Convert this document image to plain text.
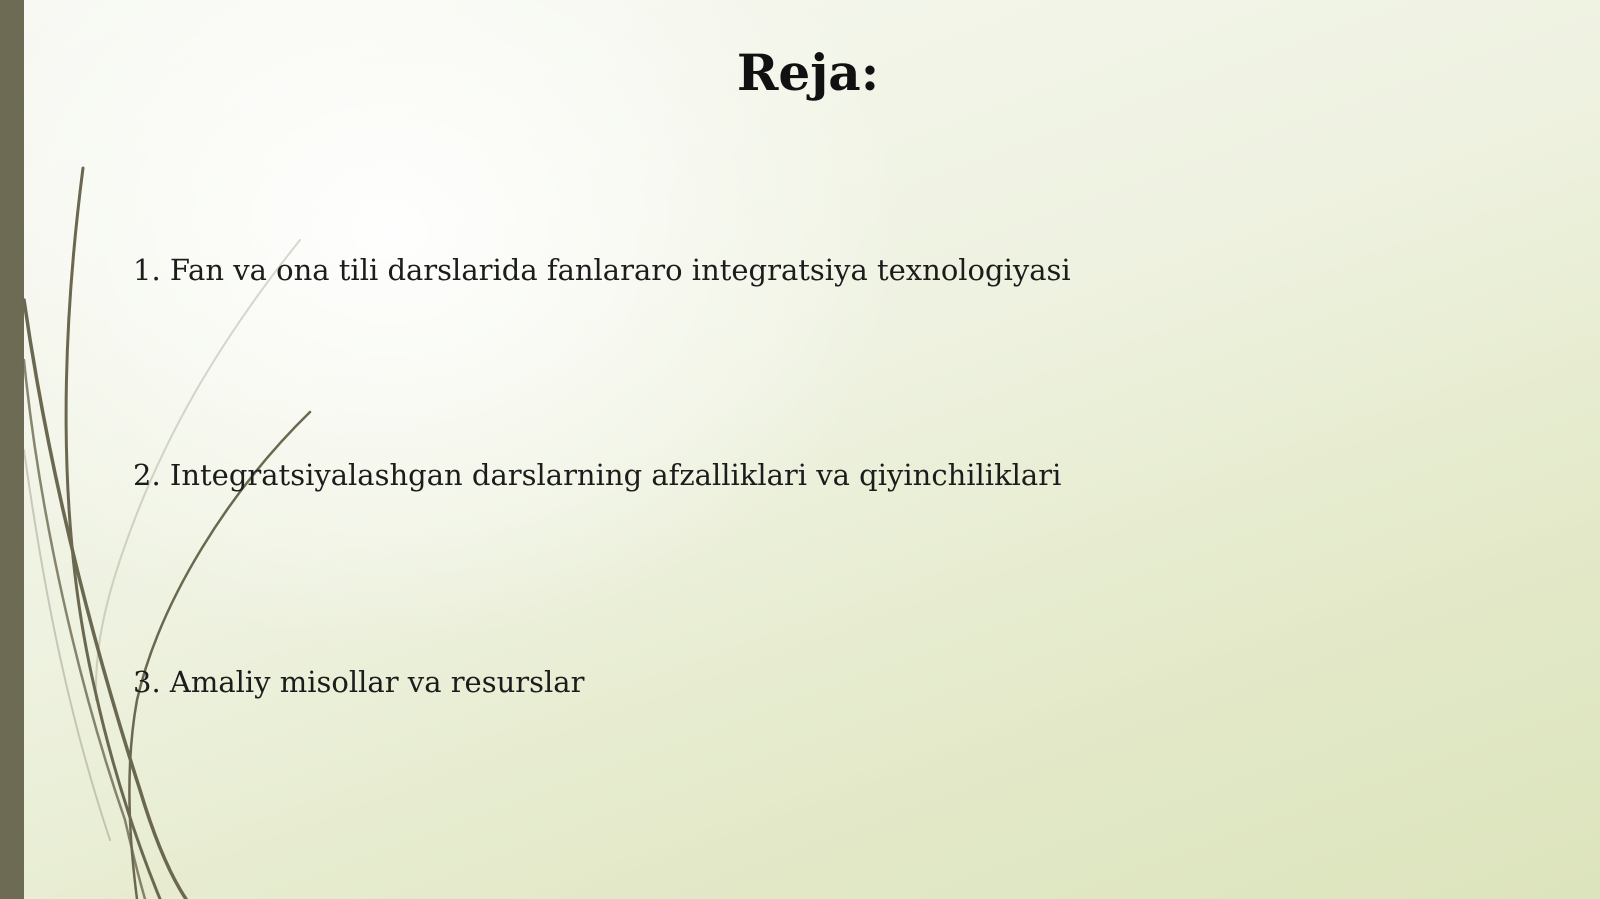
Reja:
1. Fan va ona tili darslarida fanlararo integratsiya texnologiyasi
2. Integratsiyalashgan darslarning afzalliklari va qiyinchiliklari
3. Amaliy misollar va resurslar
